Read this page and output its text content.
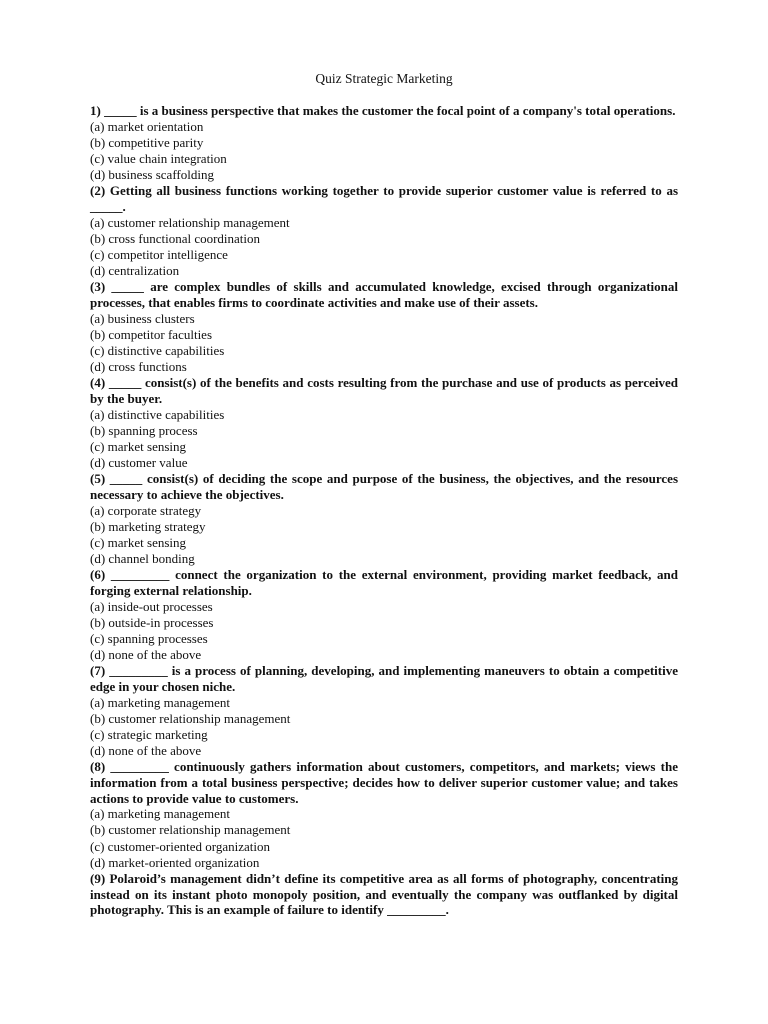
Quiz Strategic Marketing

1) _____ is a business perspective that makes the customer the focal point of a company's total operations.

(a) market orientation
(b) competitive parity
(c) value chain integration
(d) business scaffolding

(2) Getting all business functions working together to provide superior customer value is referred to as _____.

(a) customer relationship management
(b) cross functional coordination
(c) competitor intelligence
(d) centralization

(3) _____ are complex bundles of skills and accumulated knowledge, excised through organizational processes, that enables firms to coordinate activities and make use of their assets.

(a) business clusters
(b) competitor faculties
(c) distinctive capabilities
(d) cross functions

(4) _____ consist(s) of the benefits and costs resulting from the purchase and use of products as perceived by the buyer.

(a) distinctive capabilities
(b) spanning process
(c) market sensing
(d) customer value

(5) _____ consist(s) of deciding the scope and purpose of the business, the objectives, and the resources necessary to achieve the objectives.

(a) corporate strategy
(b) marketing strategy
(c) market sensing
(d) channel bonding

(6) _________ connect the organization to the external environment, providing market feedback, and forging external relationship.

(a) inside-out processes
(b) outside-in processes
(c) spanning processes
(d) none of the above

(7) _________ is a process of planning, developing, and implementing maneuvers to obtain a competitive edge in your chosen niche.

(a) marketing management
(b) customer relationship management
(c) strategic marketing
(d) none of the above

(8) _________ continuously gathers information about customers, competitors, and markets; views the information from a total business perspective; decides how to deliver superior customer value; and takes actions to provide value to customers.

(a) marketing management
(b) customer relationship management
(c) customer-oriented organization
(d) market-oriented organization

(9) Polaroid’s management didn’t define its competitive area as all forms of photography, concentrating instead on its instant photo monopoly position, and eventually the company was outflanked by digital photography. This is an example of failure to identify _________.
